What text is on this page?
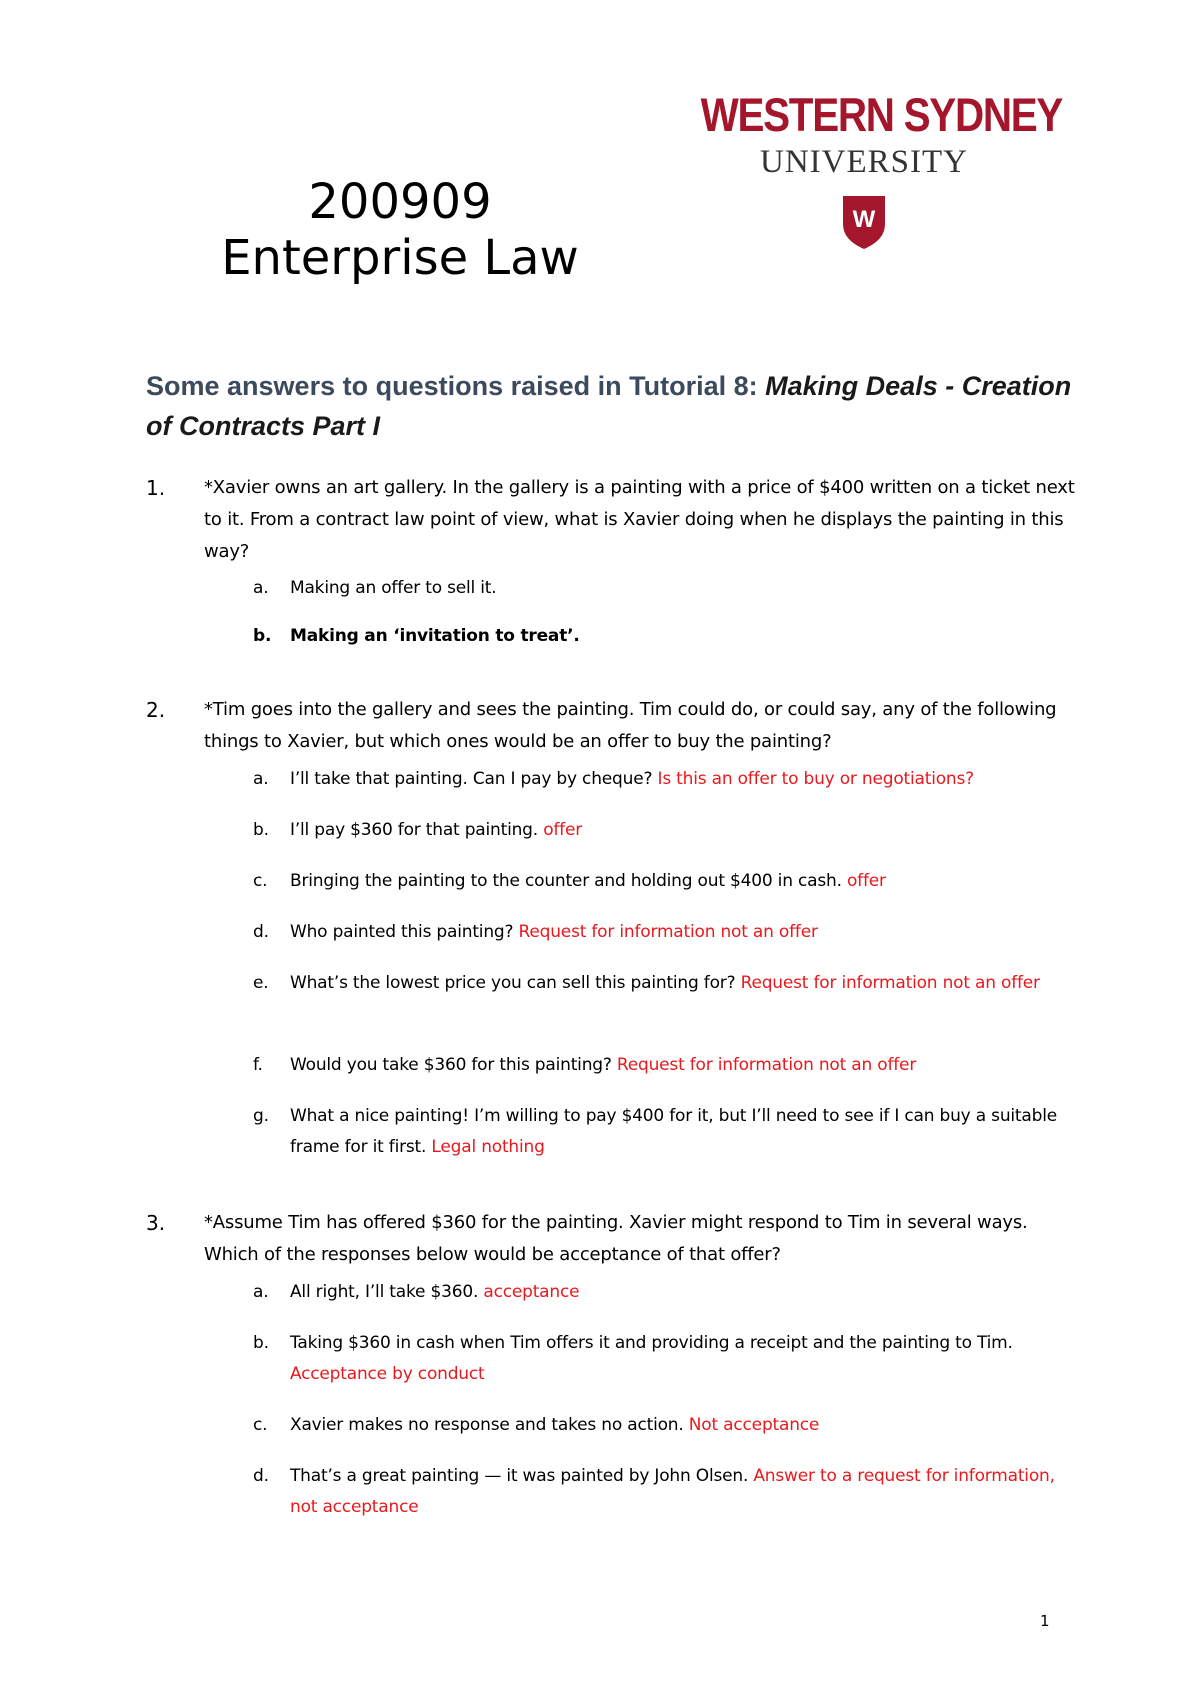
200909
Enterprise Law
WESTERN SYDNEY
UNIVERSITY
W
Some answers to questions raised in Tutorial 8: Making Deals - Creation of Contracts Part I
1. *Xavier owns an art gallery. In the gallery is a painting with a price of $400 written on a ticket next to it. From a contract law point of view, what is Xavier doing when he displays the painting in this way?
a. Making an offer to sell it.
b. Making an ‘invitation to treat’.
2. *Tim goes into the gallery and sees the painting. Tim could do, or could say, any of the following things to Xavier, but which ones would be an offer to buy the painting?
a. I’ll take that painting. Can I pay by cheque? Is this an offer to buy or negotiations?
b. I’ll pay $360 for that painting. offer
c. Bringing the painting to the counter and holding out $400 in cash. offer
d. Who painted this painting? Request for information not an offer
e. What’s the lowest price you can sell this painting for? Request for information not an offer
f. Would you take $360 for this painting? Request for information not an offer
g. What a nice painting! I’m willing to pay $400 for it, but I’ll need to see if I can buy a suitable frame for it first. Legal nothing
3. *Assume Tim has offered $360 for the painting. Xavier might respond to Tim in several ways. Which of the responses below would be acceptance of that offer?
a. All right, I’ll take $360. acceptance
b. Taking $360 in cash when Tim offers it and providing a receipt and the painting to Tim. Acceptance by conduct
c. Xavier makes no response and takes no action. Not acceptance
d. That’s a great painting — it was painted by John Olsen. Answer to a request for information, not acceptance
1
